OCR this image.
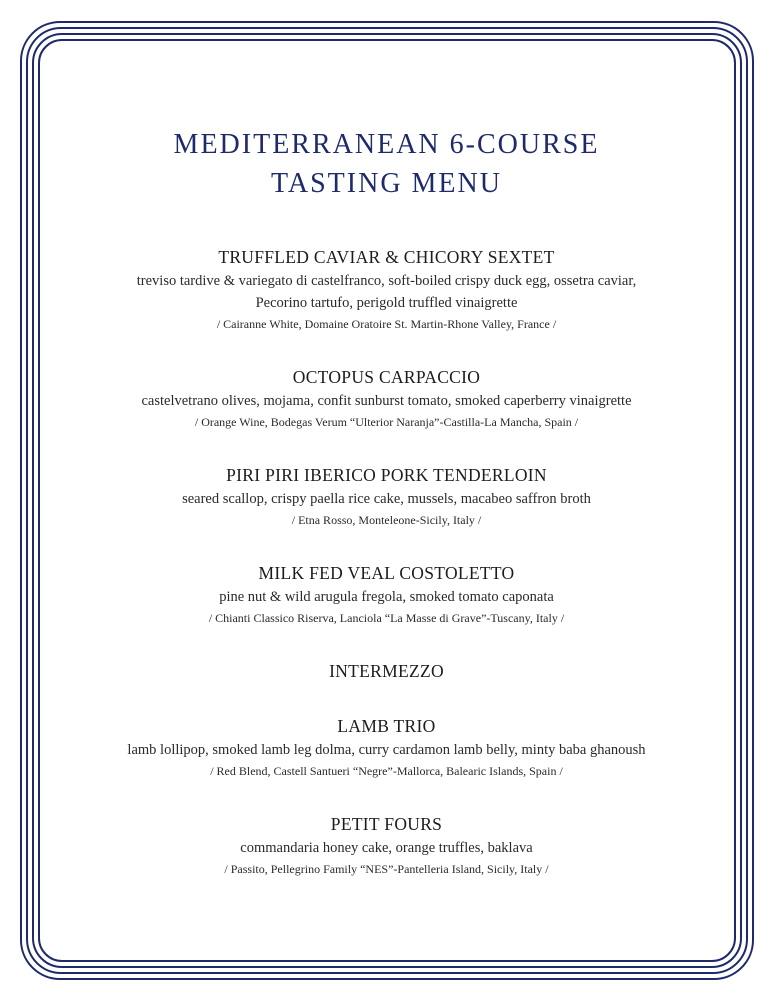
MEDITERRANEAN 6-COURSE
TASTING MENU
TRUFFLED CAVIAR & CHICORY SEXTET
treviso tardive & variegato di castelfranco, soft-boiled crispy duck egg, ossetra caviar,
Pecorino tartufo, perigold truffled vinaigrette
/ Cairanne White, Domaine Oratoire St. Martin-Rhone Valley, France /
OCTOPUS CARPACCIO
castelvetrano olives, mojama, confit sunburst tomato, smoked caperberry vinaigrette
/ Orange Wine, Bodegas Verum “Ulterior Naranja”-Castilla-La Mancha, Spain /
PIRI PIRI IBERICO PORK TENDERLOIN
seared scallop, crispy paella rice cake, mussels, macabeo saffron broth
/ Etna Rosso, Monteleone-Sicily, Italy /
MILK FED VEAL COSTOLETTO
pine nut & wild arugula fregola, smoked tomato caponata
/ Chianti Classico Riserva, Lanciola “La Masse di Grave”-Tuscany, Italy /
INTERMEZZO
LAMB TRIO
lamb lollipop, smoked lamb leg dolma, curry cardamon lamb belly, minty baba ghanoush
/ Red Blend, Castell Santueri “Negre”-Mallorca, Balearic Islands, Spain /
PETIT FOURS
commandaria honey cake, orange truffles, baklava
/ Passito, Pellegrino Family “NES”-Pantelleria Island, Sicily, Italy /
